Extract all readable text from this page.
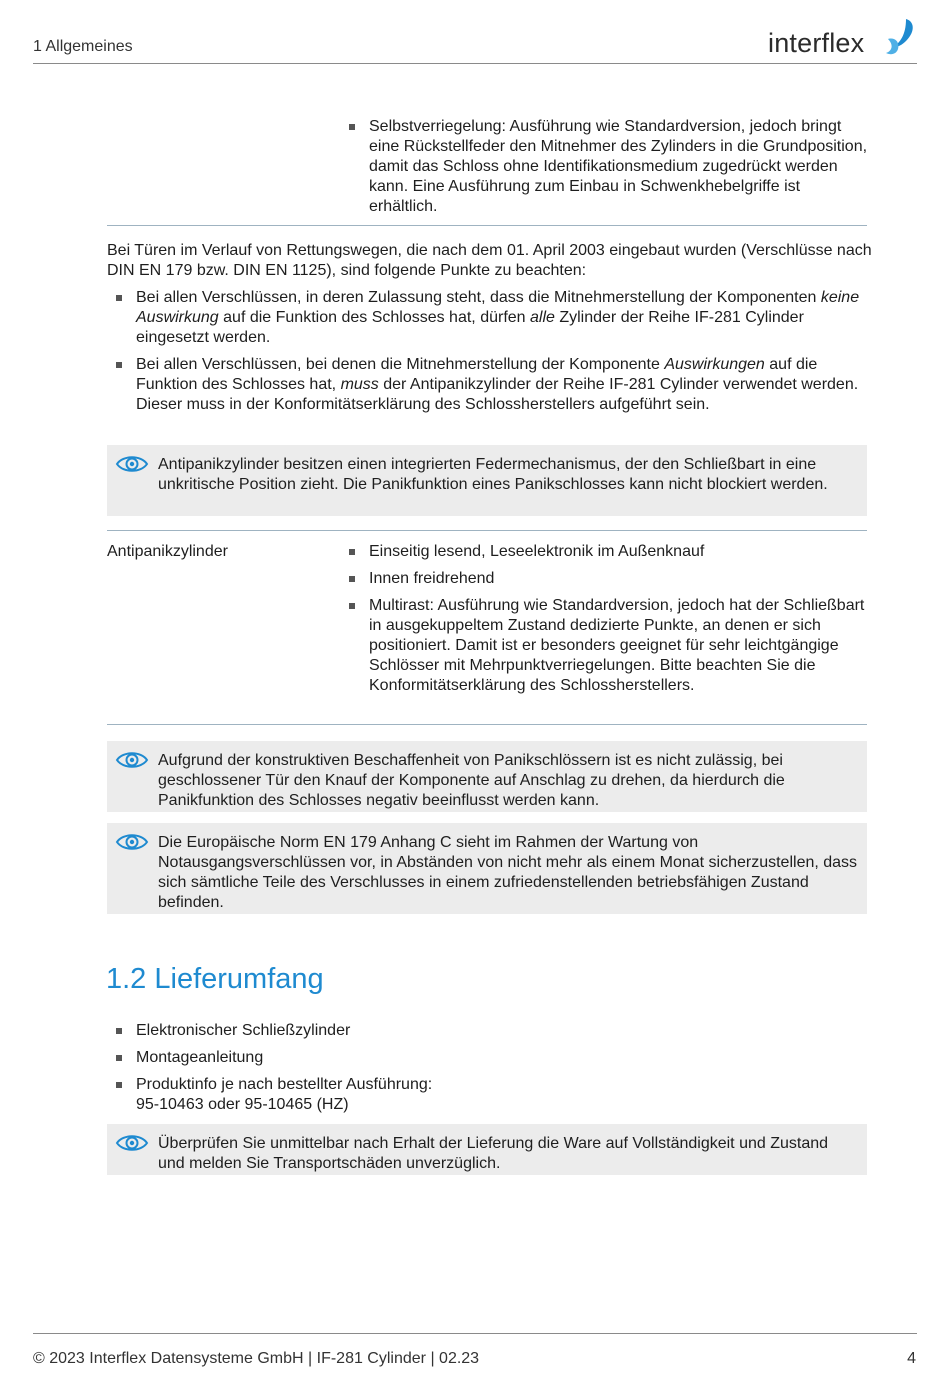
1 Allgemeines	interflex
Selbstverriegelung: Ausführung wie Standardversion, jedoch bringt eine Rückstellfeder den Mitnehmer des Zylinders in die Grundposition, damit das Schloss ohne Identifikationsmedium zugedrückt werden kann. Eine Ausführung zum Einbau in Schwenkhebelgriffe ist erhältlich.

Bei Türen im Verlauf von Rettungswegen, die nach dem 01. April 2003 eingebaut wurden (Verschlüsse nach DIN EN 179 bzw. DIN EN 1125), sind folgende Punkte zu beachten:

Bei allen Verschlüssen, in deren Zulassung steht, dass die Mitnehmerstellung der Komponenten keine Auswirkung auf die Funktion des Schlosses hat, dürfen alle Zylinder der Reihe IF-281 Cylinder eingesetzt werden.
Bei allen Verschlüssen, bei denen die Mitnehmerstellung der Komponente Auswirkungen auf die Funktion des Schlosses hat, muss der Antipanikzylinder der Reihe IF-281 Cylinder verwendet werden. Dieser muss in der Konformitätserklärung des Schlossherstellers aufgeführt sein.
Antipanikzylinder besitzen einen integrierten Federmechanismus, der den Schließbart in eine unkritische Position zieht. Die Panikfunktion eines Panikschlosses kann nicht blockiert werden.
Antipanikzylinder	Einseitig lesend, Leseelektronik im Außenknauf
Innen freidrehend
Multirast: Ausführung wie Standardversion, jedoch hat der Schließbart in ausgekuppeltem Zustand dedizierte Punkte, an denen er sich positioniert. Damit ist er besonders geeignet für sehr leichtgängige Schlösser mit Mehrpunktverriegelungen. Bitte beachten Sie die Konformitätserklärung des Schlossherstellers.
Aufgrund der konstruktiven Beschaffenheit von Panikschlössern ist es nicht zulässig, bei geschlossener Tür den Knauf der Komponente auf Anschlag zu drehen, da hierdurch die Panikfunktion des Schlosses negativ beeinflusst werden kann.
Die Europäische Norm EN 179 Anhang C sieht im Rahmen der Wartung von Notausgangsverschlüssen vor, in Abständen von nicht mehr als einem Monat sicherzustellen, dass sich sämtliche Teile des Verschlusses in einem zufriedenstellenden betriebsfähigen Zustand befinden.
1.2 Lieferumfang
Elektronischer Schließzylinder
Montageanleitung
Produktinfo je nach bestellter Ausführung:
95-10463 oder 95-10465 (HZ)
Überprüfen Sie unmittelbar nach Erhalt der Lieferung die Ware auf Vollständigkeit und Zustand und melden Sie Transportschäden unverzüglich.
© 2023 Interflex Datensysteme GmbH | IF-281 Cylinder | 02.23	4
